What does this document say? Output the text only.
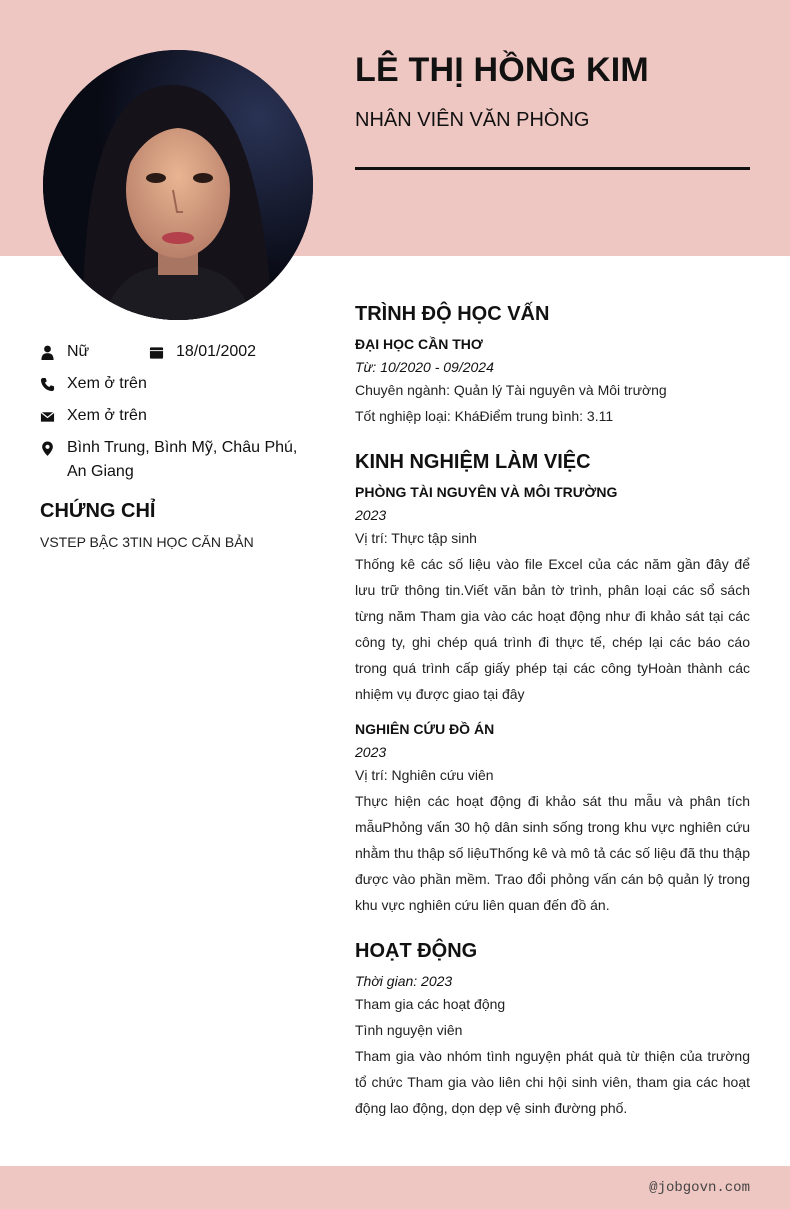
LÊ THỊ HỒNG KIM
NHÂN VIÊN VĂN PHÒNG
Nữ	18/01/2002
Xem ở trên
Xem ở trên
Bình Trung, Bình Mỹ, Châu Phú, An Giang
CHỨNG CHỈ
VSTEP BẬC 3TIN HỌC CĂN BẢN
TRÌNH ĐỘ HỌC VẤN
ĐẠI HỌC CẦN THƠ
Từ: 10/2020 - 09/2024
Chuyên ngành: Quản lý Tài nguyên và Môi trường
Tốt nghiệp loại: KháĐiểm trung bình: 3.11
KINH NGHIỆM LÀM VIỆC
PHÒNG TÀI NGUYÊN VÀ MÔI TRƯỜNG
2023
Vị trí: Thực tập sinh
Thống kê các số liệu vào file Excel của các năm gần đây để lưu trữ thông tin.Viết văn bản tờ trình, phân loại các sổ sách từng năm Tham gia vào các hoạt động như đi khảo sát tại các công ty, ghi chép quá trình đi thực tế, chép lại các báo cáo trong quá trình cấp giấy phép tại các công tyHoàn thành các nhiệm vụ được giao tại đây
NGHIÊN CỨU ĐỒ ÁN
2023
Vị trí: Nghiên cứu viên
Thực hiện các hoạt động đi khảo sát thu mẫu và phân tích mẫuPhỏng vấn 30 hộ dân sinh sống trong khu vực nghiên cứu nhằm thu thập số liệuThống kê và mô tả các số liệu đã thu thập được vào phần mềm. Trao đổi phỏng vấn cán bộ quản lý trong khu vực nghiên cứu liên quan đến đồ án.
HOẠT ĐỘNG
Thời gian: 2023
Tham gia các hoạt động
Tình nguyện viên
Tham gia vào nhóm tình nguyện phát quà từ thiện của trường tổ chức Tham gia vào liên chi hội sinh viên, tham gia các hoạt động lao động, dọn dẹp vệ sinh đường phố.
@jobgovn.com
